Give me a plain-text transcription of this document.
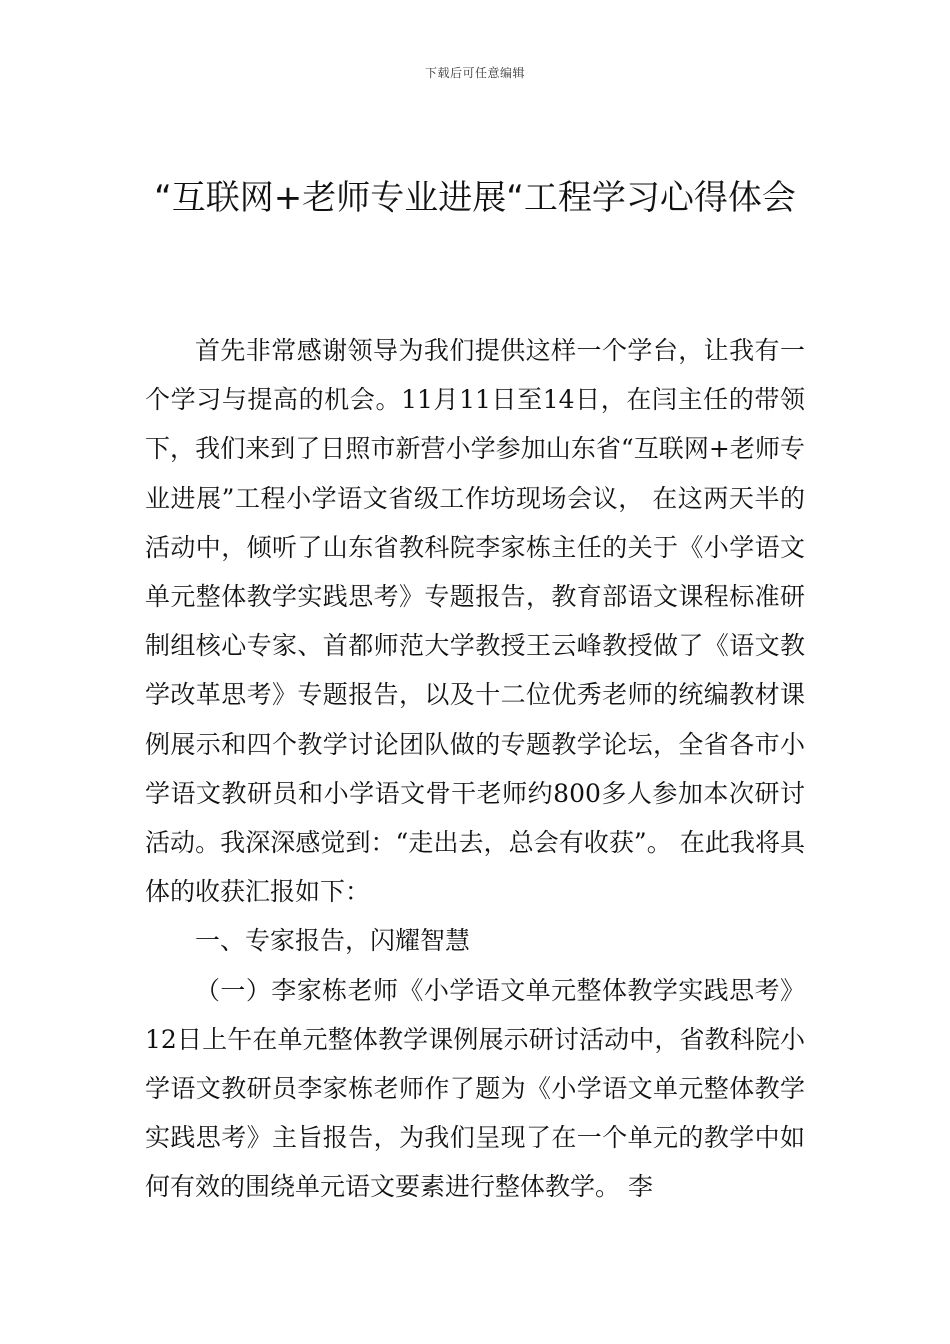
下载后可任意编辑
“互联网+老师专业进展“工程学习心得体会

首先非常感谢领导为我们提供这样一个学台，让我有一个学习与提高的机会。11月11日至14日，在闫主任的带领下，我们来到了日照市新营小学参加山东省“互联网+老师专业进展”工程小学语文省级工作坊现场会议， 在这两天半的活动中，倾听了山东省教科院李家栋主任的关于《小学语文单元整体教学实践思考》专题报告，教育部语文课程标准研制组核心专家、首都师范大学教授王云峰教授做了《语文教学改革思考》专题报告，以及十二位优秀老师的统编教材课例展示和四个教学讨论团队做的专题教学论坛，全省各市小学语文教研员和小学语文骨干老师约800多人参加本次研讨活动。我深深感觉到：“走出去，总会有收获”。 在此我将具体的收获汇报如下：

一、专家报告，闪耀智慧

（一）李家栋老师《小学语文单元整体教学实践思考》 12日上午在单元整体教学课例展示研讨活动中，省教科院小学语文教研员李家栋老师作了题为《小学语文单元整体教学实践思考》主旨报告，为我们呈现了在一个单元的教学中如何有效的围绕单元语文要素进行整体教学。 李
